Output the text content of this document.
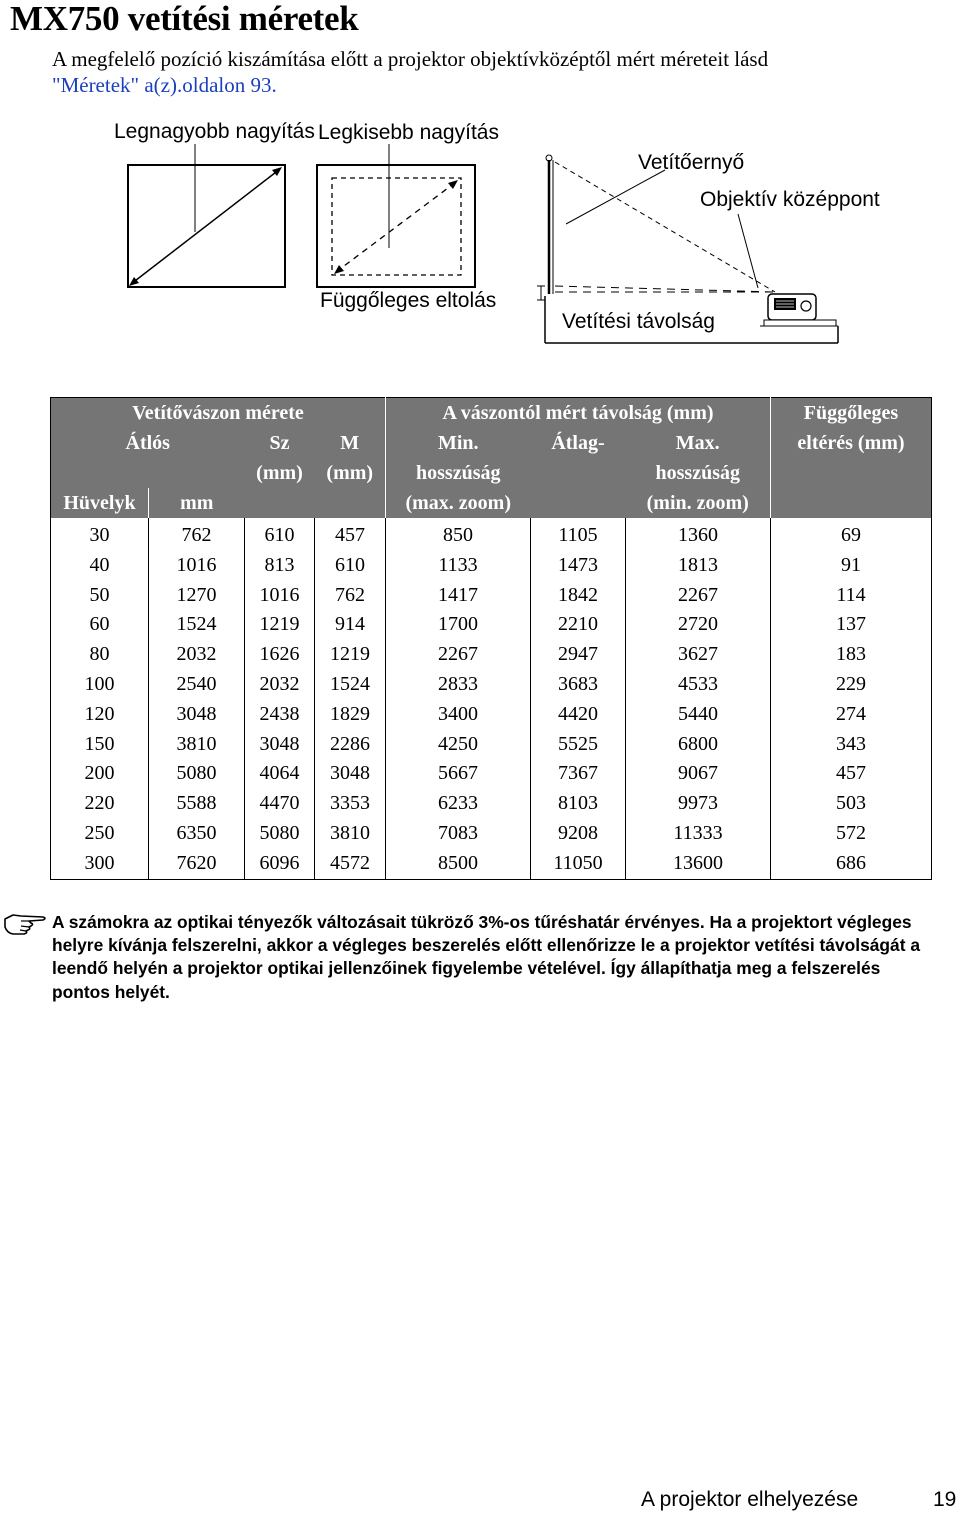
MX750 vetítési méretek
A megfelelő pozíció kiszámítása előtt a projektor objektívközéptől mért méreteit lásd
"Méretek" a(z).oldalon 93.
Legnagyobb nagyítás Legkisebb nagyítás
Vetítőernyő
Objektív középpont
Függőleges eltolás
Vetítési távolság
Vetítővászon mérete				A vászontól mért távolság (mm)			Függőleges
Átlós		Sz	M	Min.	Átlag-	Max.	eltérés (mm)
		(mm)	(mm)	hosszúság		hosszúság	
Hüvelyk	mm			(max. zoom)		(min. zoom)	
30	762	610	457	850	1105	1360	69
40	1016	813	610	1133	1473	1813	91
50	1270	1016	762	1417	1842	2267	114
60	1524	1219	914	1700	2210	2720	137
80	2032	1626	1219	2267	2947	3627	183
100	2540	2032	1524	2833	3683	4533	229
120	3048	2438	1829	3400	4420	5440	274
150	3810	3048	2286	4250	5525	6800	343
200	5080	4064	3048	5667	7367	9067	457
220	5588	4470	3353	6233	8103	9973	503
250	6350	5080	3810	7083	9208	11333	572
300	7620	6096	4572	8500	11050	13600	686
A számokra az optikai tényezők változásait tükröző 3%-os tűréshatár érvényes. Ha a projektort végleges helyre kívánja felszerelni, akkor a végleges beszerelés előtt ellenőrizze le a projektor vetítési távolságát a leendő helyén a projektor optikai jellenzőinek figyelembe vételével. Így állapíthatja meg a felszerelés pontos helyét.
A projektor elhelyezése	19
